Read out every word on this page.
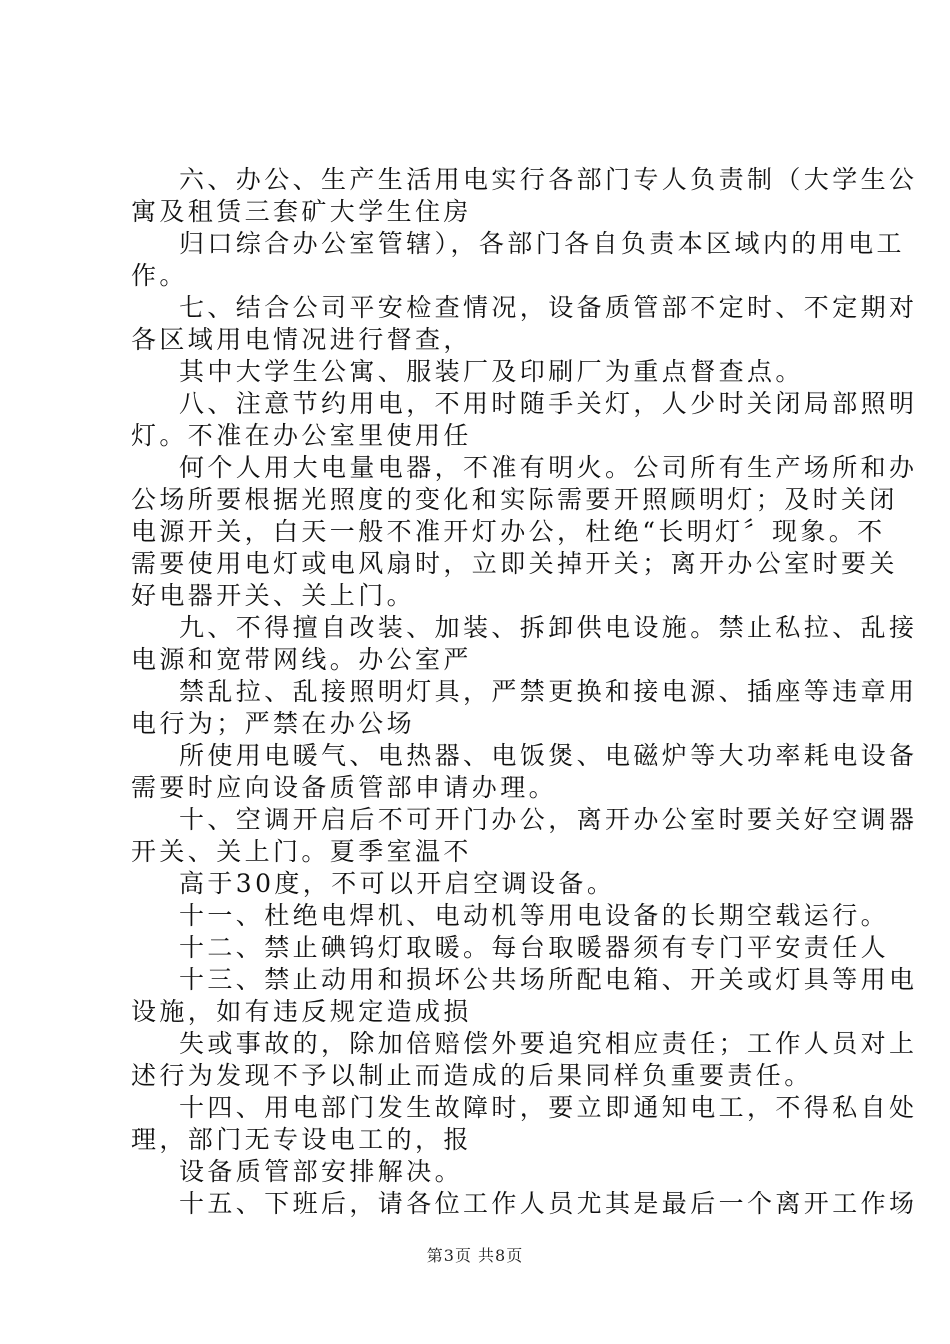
六、办公、生产生活用电实行各部门专人负责制（大学生公
寓及租赁三套矿大学生住房
归口综合办公室管辖），各部门各自负责本区域内的用电工
作。
七、结合公司平安检查情况，设备质管部不定时、不定期对
各区域用电情况进行督查，
其中大学生公寓、服装厂及印刷厂为重点督查点。
八、注意节约用电，不用时随手关灯，人少时关闭局部照明
灯。不准在办公室里使用任
何个人用大电量电器，不准有明火。公司所有生产场所和办
公场所要根据光照度的变化和实际需要开照顾明灯；及时关闭
电源开关，白天一般不准开灯办公，杜绝“长明灯〞现象。不
需要使用电灯或电风扇时，立即关掉开关；离开办公室时要关
好电器开关、关上门。
九、不得擅自改装、加装、拆卸供电设施。禁止私拉、乱接
电源和宽带网线。办公室严
禁乱拉、乱接照明灯具，严禁更换和接电源、插座等违章用
电行为；严禁在办公场
所使用电暖气、电热器、电饭煲、电磁炉等大功率耗电设备
需要时应向设备质管部申请办理。
十、空调开启后不可开门办公，离开办公室时要关好空调器
开关、关上门。夏季室温不
高于30度，不可以开启空调设备。
十一、杜绝电焊机、电动机等用电设备的长期空载运行。
十二、禁止碘钨灯取暖。每台取暖器须有专门平安责任人
十三、禁止动用和损坏公共场所配电箱、开关或灯具等用电
设施，如有违反规定造成损
失或事故的，除加倍赔偿外要追究相应责任；工作人员对上
述行为发现不予以制止而造成的后果同样负重要责任。
十四、用电部门发生故障时，要立即通知电工，不得私自处
理，部门无专设电工的，报
设备质管部安排解决。
十五、下班后，请各位工作人员尤其是最后一个离开工作场
第3页 共8页
